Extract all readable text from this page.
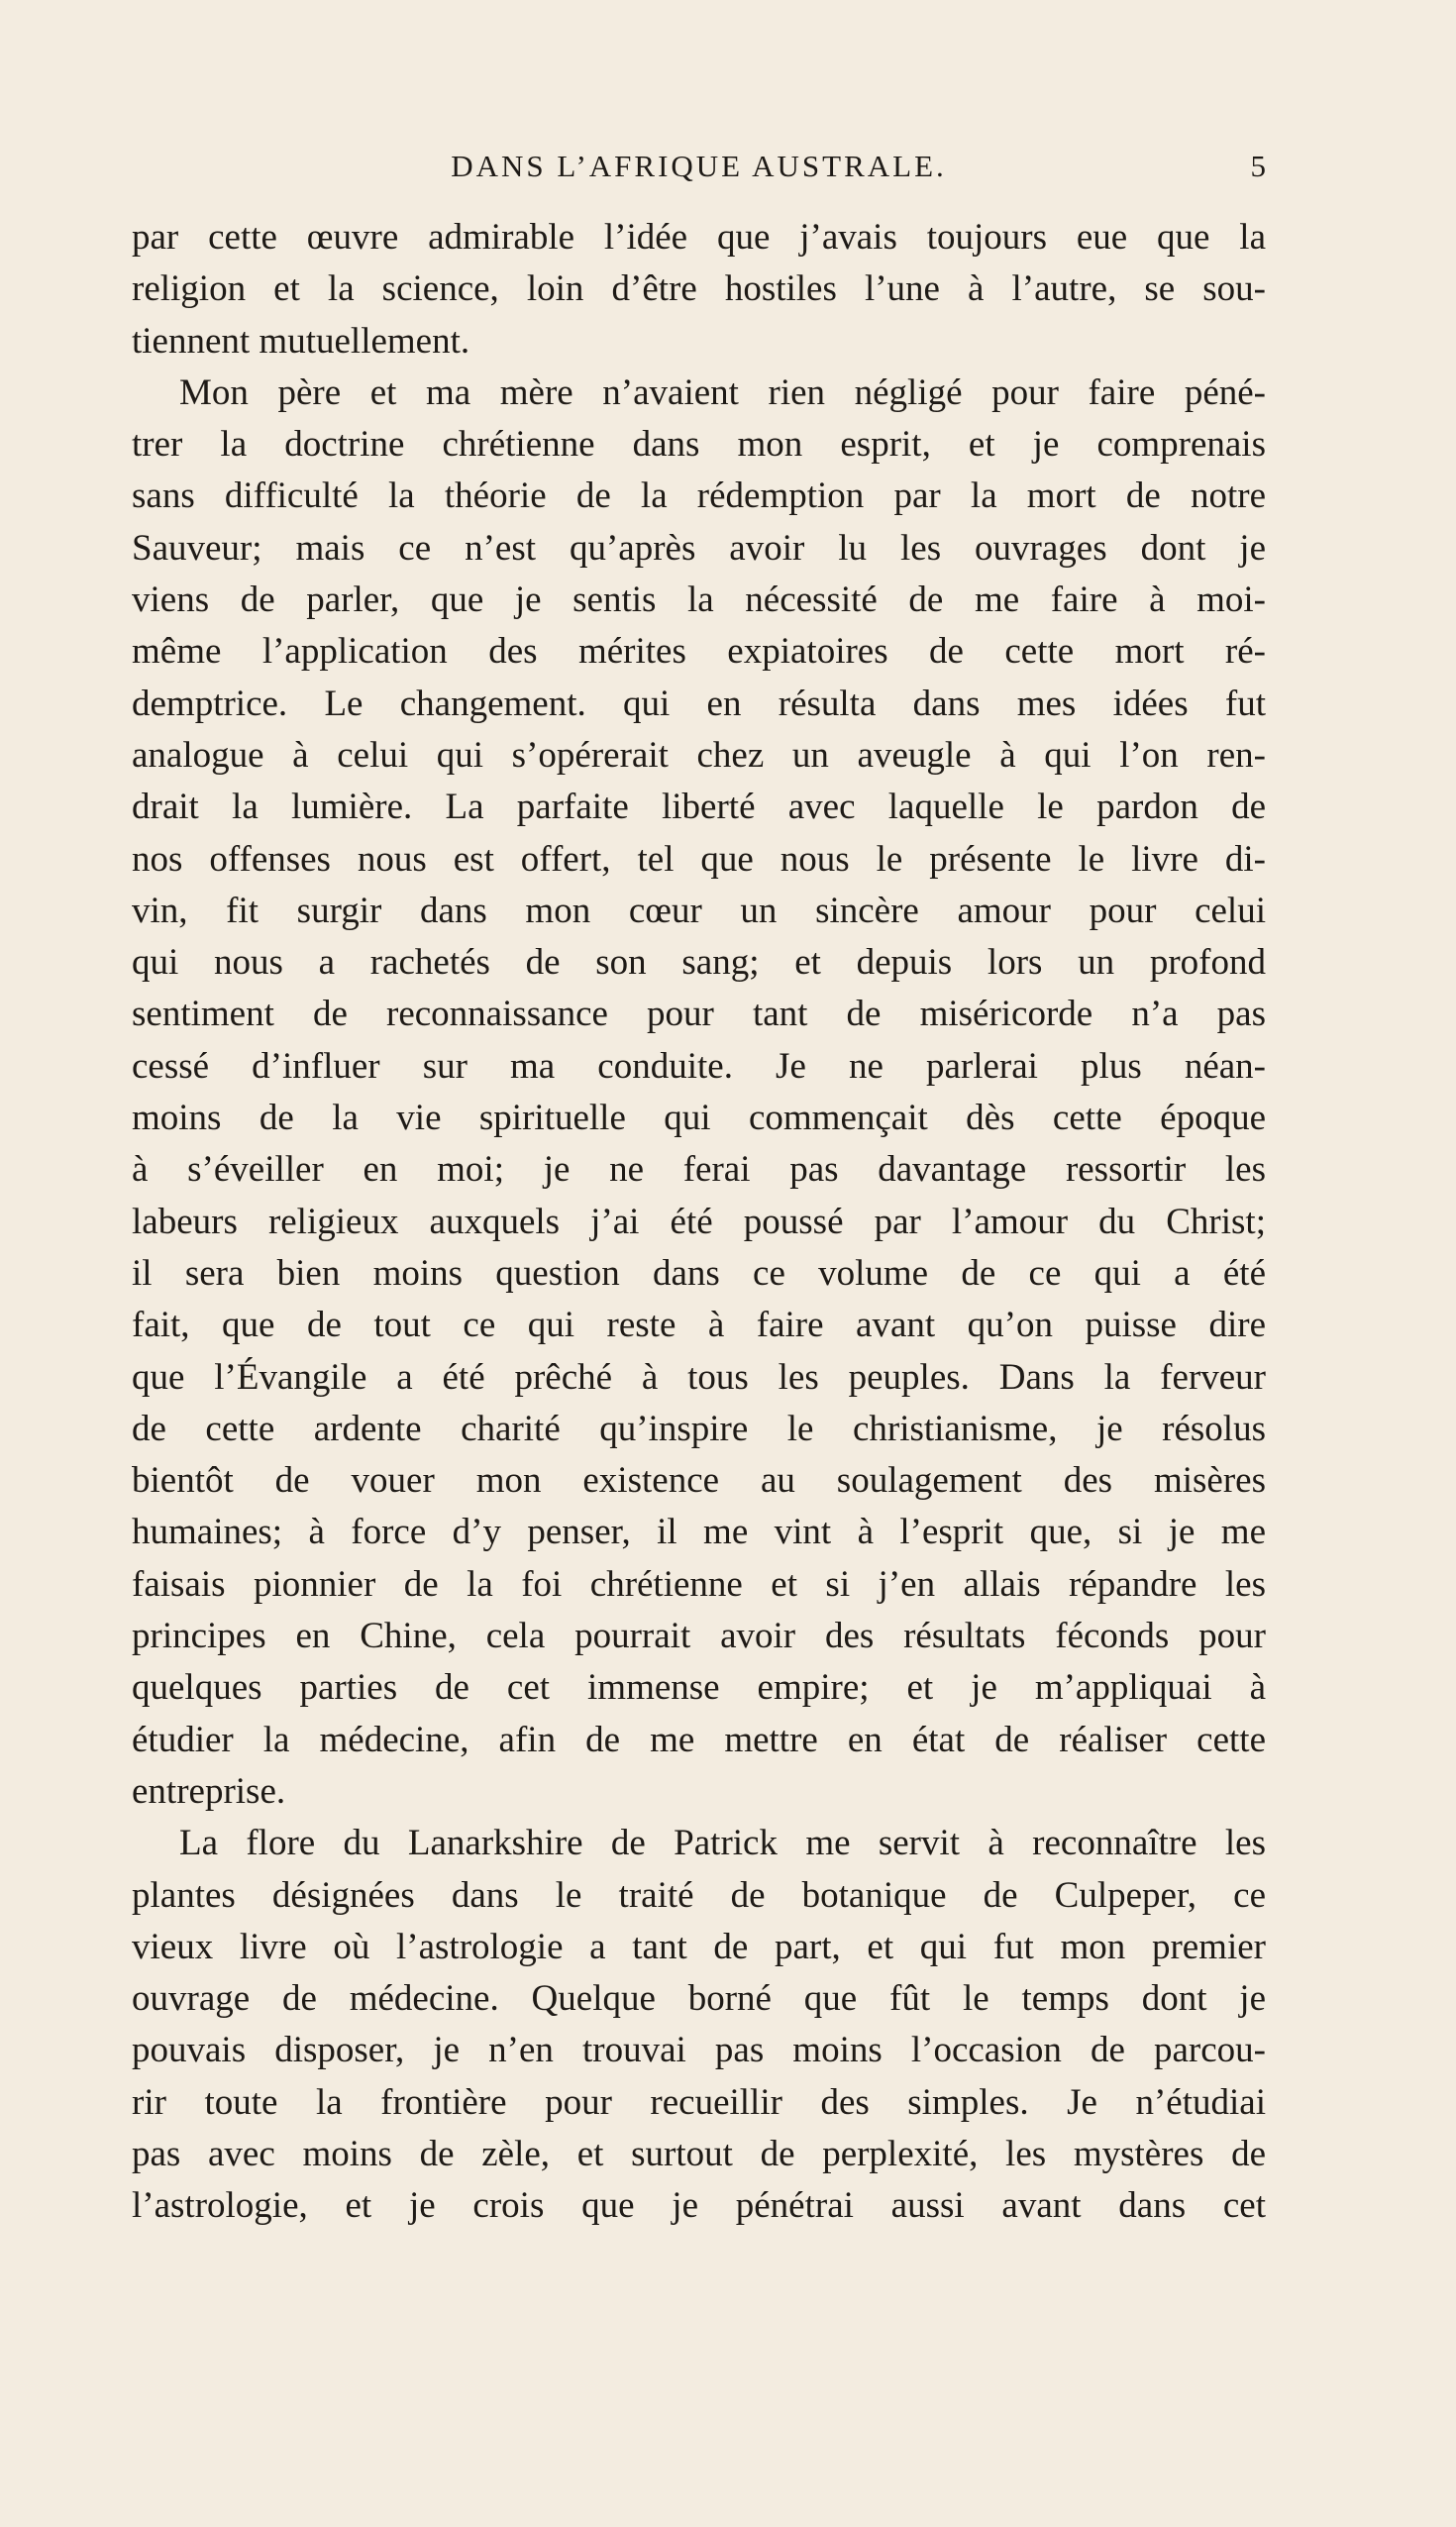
DANS L’AFRIQUE AUSTRALE.	5
par cette œuvre admirable l’idée que j’avais toujours eue que la
religion et la science, loin d’être hostiles l’une à l’autre, se sou-
tiennent mutuellement.
Mon père et ma mère n’avaient rien négligé pour faire péné-
trer la doctrine chrétienne dans mon esprit, et je comprenais
sans difficulté la théorie de la rédemption par la mort de notre
Sauveur; mais ce n’est qu’après avoir lu les ouvrages dont je
viens de parler, que je sentis la nécessité de me faire à moi-
même l’application des mérites expiatoires de cette mort ré-
demptrice. Le changement. qui en résulta dans mes idées fut
analogue à celui qui s’opérerait chez un aveugle à qui l’on ren-
drait la lumière. La parfaite liberté avec laquelle le pardon de
nos offenses nous est offert, tel que nous le présente le livre di-
vin, fit surgir dans mon cœur un sincère amour pour celui
qui nous a rachetés de son sang; et depuis lors un profond
sentiment de reconnaissance pour tant de miséricorde n’a pas
cessé d’influer sur ma conduite. Je ne parlerai plus néan-
moins de la vie spirituelle qui commençait dès cette époque
à s’éveiller en moi; je ne ferai pas davantage ressortir les
labeurs religieux auxquels j’ai été poussé par l’amour du Christ;
il sera bien moins question dans ce volume de ce qui a été
fait, que de tout ce qui reste à faire avant qu’on puisse dire
que l’Évangile a été prêché à tous les peuples. Dans la ferveur
de cette ardente charité qu’inspire le christianisme, je résolus
bientôt de vouer mon existence au soulagement des misères
humaines; à force d’y penser, il me vint à l’esprit que, si je me
faisais pionnier de la foi chrétienne et si j’en allais répandre les
principes en Chine, cela pourrait avoir des résultats féconds pour
quelques parties de cet immense empire; et je m’appliquai à
étudier la médecine, afin de me mettre en état de réaliser cette
entreprise.
La flore du Lanarkshire de Patrick me servit à reconnaître les
plantes désignées dans le traité de botanique de Culpeper, ce
vieux livre où l’astrologie a tant de part, et qui fut mon premier
ouvrage de médecine. Quelque borné que fût le temps dont je
pouvais disposer, je n’en trouvai pas moins l’occasion de parcou-
rir toute la frontière pour recueillir des simples. Je n’étudiai
pas avec moins de zèle, et surtout de perplexité, les mystères de
l’astrologie, et je crois que je pénétrai aussi avant dans cet
